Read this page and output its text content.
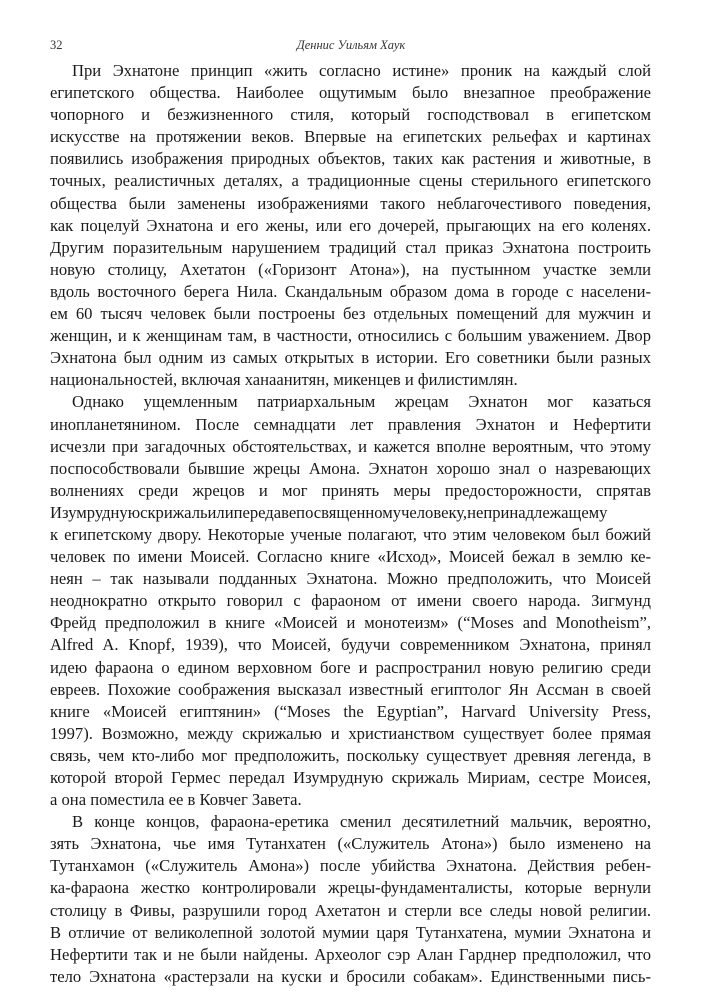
32	Деннис Уильям Хаук
При Эхнатоне принцип «жить согласно истине» проник на каждый слой
египетского общества. Наиболее ощутимым было внезапное преображение
чопорного и безжизненного стиля, который господствовал в египетском
искусстве на протяжении веков. Впервые на египетских рельефах и картинах
появились изображения природных объектов, таких как растения и животные, в
точных, реалистичных деталях, а традиционные сцены стерильного египетского
общества были заменены изображениями такого неблагочестивого поведения,
как поцелуй Эхнатона и его жены, или его дочерей, прыгающих на его коленях.
Другим поразительным нарушением традиций стал приказ Эхнатона построить
новую столицу, Ахетатон («Горизонт Атона»), на пустынном участке земли
вдоль восточного берега Нила. Скандальным образом дома в городе с населени-
ем 60 тысяч человек были построены без отдельных помещений для мужчин и
женщин, и к женщинам там, в частности, относились с большим уважением. Двор
Эхнатона был одним из самых открытых в истории. Его советники были разных
национальностей, включая ханаанитян, микенцев и филистимлян.
Однако ущемленным патриархальным жрецам Эхнатон мог казаться
инопланетянином. После семнадцати лет правления Эхнатон и Нефертити
исчезли при загадочных обстоятельствах, и кажется вполне вероятным, что этому
поспособствовали бывшие жрецы Амона. Эхнатон хорошо знал о назревающих
волнениях среди жрецов и мог принять меры предосторожности, спрятав
Изумруднуюскрижальилипередавепосвященномучеловеку,непринадлежащему
к египетскому двору. Некоторые ученые полагают, что этим человеком был божий
человек по имени Моисей. Согласно книге «Исход», Моисей бежал в землю ке-
неян – так называли подданных Эхнатона. Можно предположить, что Моисей
неоднократно открыто говорил с фараоном от имени своего народа. Зигмунд
Фрейд предположил в книге «Моисей и монотеизм» (“Moses and Monotheism”,
Alfred A. Knopf, 1939), что Моисей, будучи современником Эхнатона, принял
идею фараона о едином верховном боге и распространил новую религию среди
евреев. Похожие соображения высказал известный египтолог Ян Ассман в своей
книге «Моисей египтянин» (“Moses the Egyptian”, Harvard University Press,
1997). Возможно, между скрижалью и христианством существует более прямая
связь, чем кто-либо мог предположить, поскольку существует древняя легенда, в
которой второй Гермес передал Изумрудную скрижаль Мириам, сестре Моисея,
а она поместила ее в Ковчег Завета.
В конце концов, фараона-еретика сменил десятилетний мальчик, вероятно,
зять Эхнатона, чье имя Тутанхатен («Служитель Атона») было изменено на
Тутанхамон («Служитель Амона») после убийства Эхнатона. Действия ребен-
ка-фараона жестко контролировали жрецы-фундаменталисты, которые вернули
столицу в Фивы, разрушили город Ахетатон и стерли все следы новой религии.
В отличие от великолепной золотой мумии царя Тутанхатена, мумии Эхнатона и
Нефертити так и не были найдены. Археолог сэр Алан Гарднер предположил, что
тело Эхнатона «растерзали на куски и бросили собакам». Единственными пись-
